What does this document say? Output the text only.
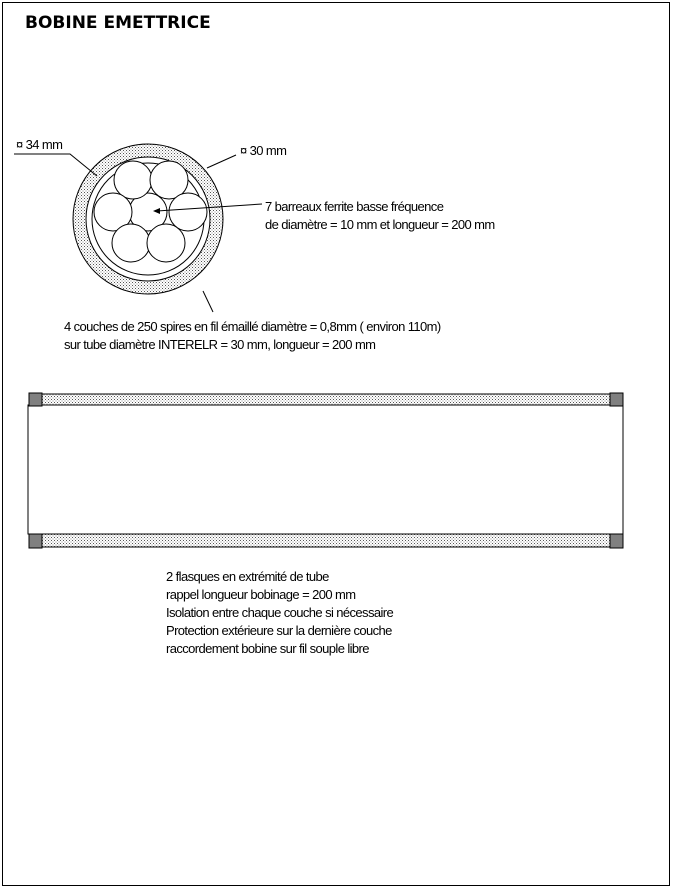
BOBINE EMETTRICE
¤ 34 mm	¤ 30 mm
7 barreaux ferrite basse fréquence
de diamètre = 10 mm et longueur = 200 mm
4 couches de 250 spires en fil émaillé diamètre = 0,8mm ( environ 110m)
sur tube diamètre INTERELR = 30 mm, longueur = 200 mm
2 flasques en extrémité de tube
rappel longueur bobinage = 200 mm
Isolation entre chaque couche si nécessaire
Protection extérieure sur la dernière couche
raccordement bobine sur fil souple libre
